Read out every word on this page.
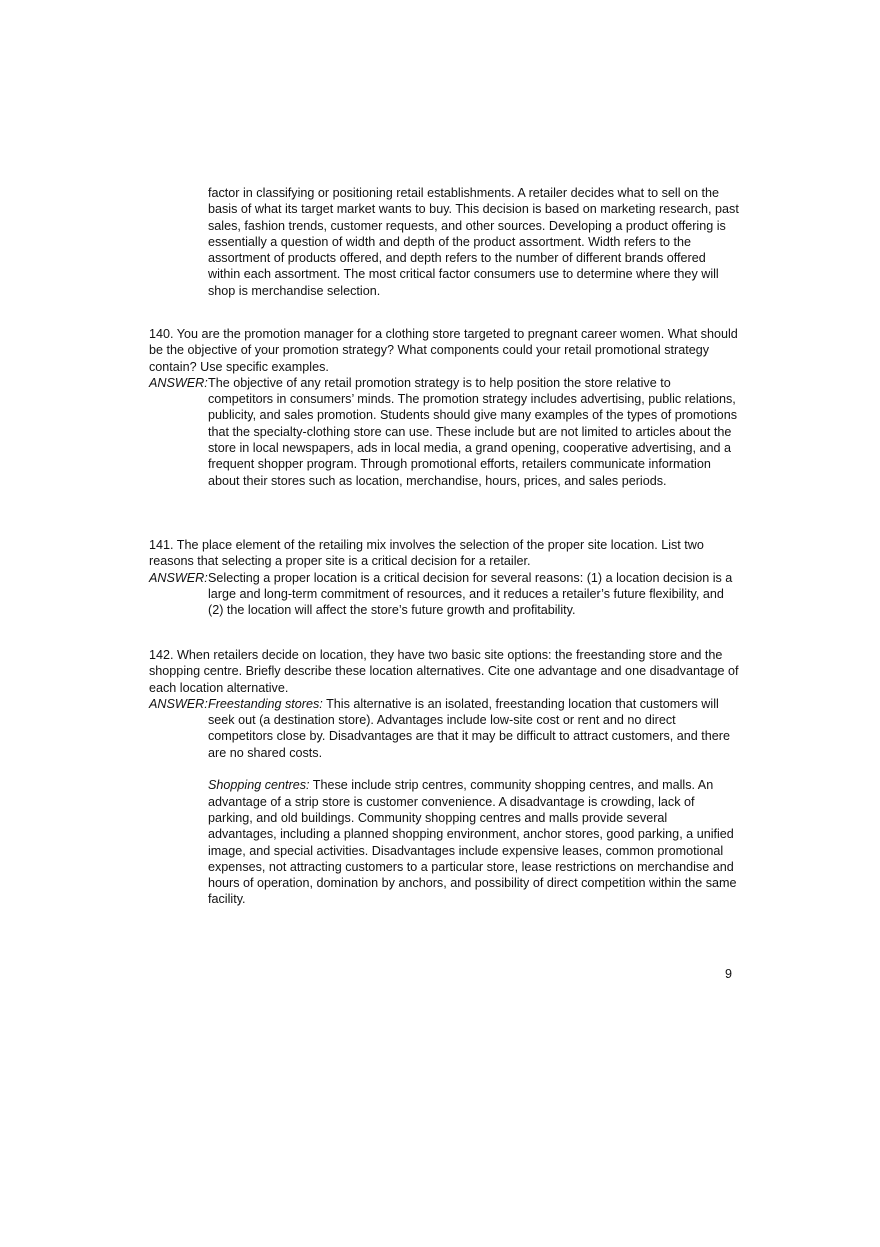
factor in classifying or positioning retail establishments. A retailer decides what to sell on the basis of what its target market wants to buy. This decision is based on marketing research, past sales, fashion trends, customer requests, and other sources. Developing a product offering is essentially a question of width and depth of the product assortment. Width refers to the assortment of products offered, and depth refers to the number of different brands offered within each assortment. The most critical factor consumers use to determine where they will shop is merchandise selection.

140. You are the promotion manager for a clothing store targeted to pregnant career women. What should be the objective of your promotion strategy? What components could your retail promotional strategy contain? Use specific examples.

ANSWER: The objective of any retail promotion strategy is to help position the store relative to competitors in consumers’ minds. The promotion strategy includes advertising, public relations, publicity, and sales promotion. Students should give many examples of the types of promotions that the specialty-clothing store can use. These include but are not limited to articles about the store in local newspapers, ads in local media, a grand opening, cooperative advertising, and a frequent shopper program. Through promotional efforts, retailers communicate information about their stores such as location, merchandise, hours, prices, and sales periods.

141. The place element of the retailing mix involves the selection of the proper site location. List two reasons that selecting a proper site is a critical decision for a retailer.

ANSWER: Selecting a proper location is a critical decision for several reasons: (1) a location decision is a large and long-term commitment of resources, and it reduces a retailer’s future flexibility, and (2) the location will affect the store’s future growth and profitability.

142. When retailers decide on location, they have two basic site options: the freestanding store and the shopping centre. Briefly describe these location alternatives. Cite one advantage and one disadvantage of each location alternative.

ANSWER: Freestanding stores: This alternative is an isolated, freestanding location that customers will seek out (a destination store). Advantages include low-site cost or rent and no direct competitors close by. Disadvantages are that it may be difﬁcult to attract customers, and there are no shared costs.
Shopping centres: These include strip centres, community shopping centres, and malls. An advantage of a strip store is customer convenience. A disadvantage is crowding, lack of parking, and old buildings. Community shopping centres and malls provide several advantages, including a planned shopping environment, anchor stores, good parking, a unified image, and special activities. Disadvantages include expensive leases, common promotional expenses, not attracting customers to a particular store, lease restrictions on merchandise and hours of operation, domination by anchors, and possibility of direct competition within the same facility.
9
